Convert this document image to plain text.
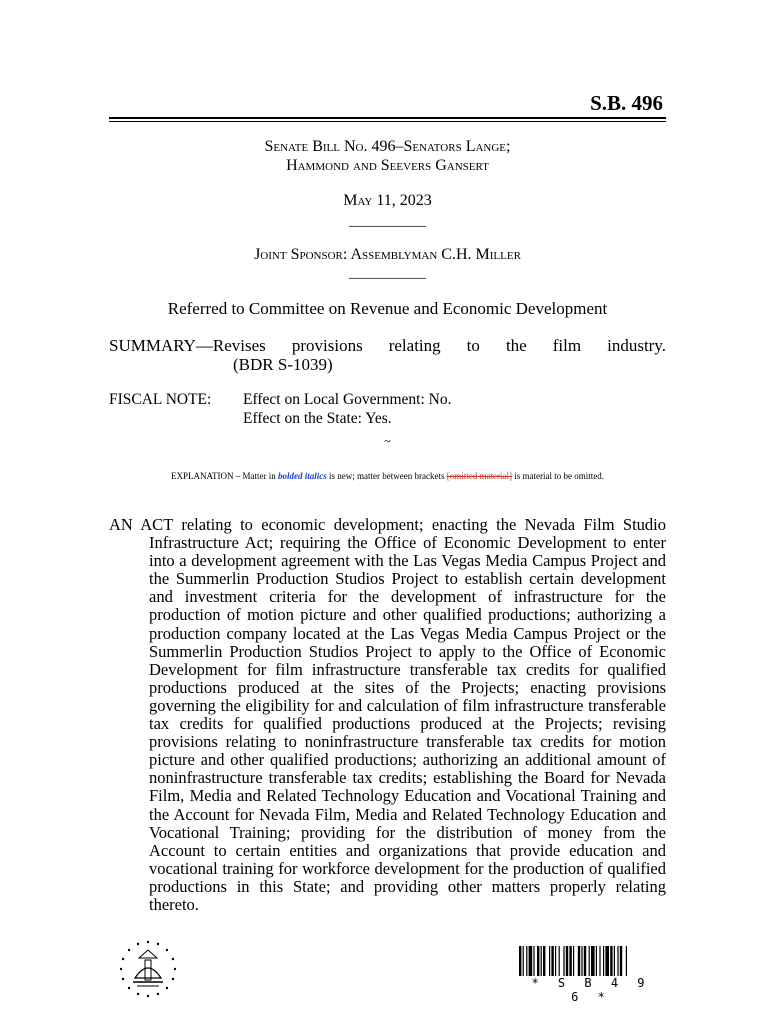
S.B. 496
Senate Bill No. 496–Senators Lange;
Hammond and Seevers Gansert
May 11, 2023
___________
Joint Sponsor: Assemblyman C.H. Miller
___________
Referred to Committee on Revenue and Economic Development
SUMMARY—Revises provisions relating to the film industry.
(BDR S-1039)
FISCAL NOTE: Effect on Local Government: No.
Effect on the State: Yes.
~
EXPLANATION – Matter in bolded italics is new; matter between brackets [omitted material] is material to be omitted.
AN ACT relating to economic development; enacting the Nevada Film Studio Infrastructure Act; requiring the Office of Economic Development to enter into a development agreement with the Las Vegas Media Campus Project and the Summerlin Production Studios Project to establish certain development and investment criteria for the development of infrastructure for the production of motion picture and other qualified productions; authorizing a production company located at the Las Vegas Media Campus Project or the Summerlin Production Studios Project to apply to the Office of Economic Development for film infrastructure transferable tax credits for qualified productions produced at the sites of the Projects; enacting provisions governing the eligibility for and calculation of film infrastructure transferable tax credits for qualified productions produced at the Projects; revising provisions relating to noninfrastructure transferable tax credits for motion picture and other qualified productions; authorizing an additional amount of noninfrastructure transferable tax credits; establishing the Board for Nevada Film, Media and Related Technology Education and Vocational Training and the Account for Nevada Film, Media and Related Technology Education and Vocational Training; providing for the distribution of money from the Account to certain entities and organizations that provide education and vocational training for workforce development for the production of qualified productions in this State; and providing other matters properly relating thereto.
* S B 4 9 6 *
